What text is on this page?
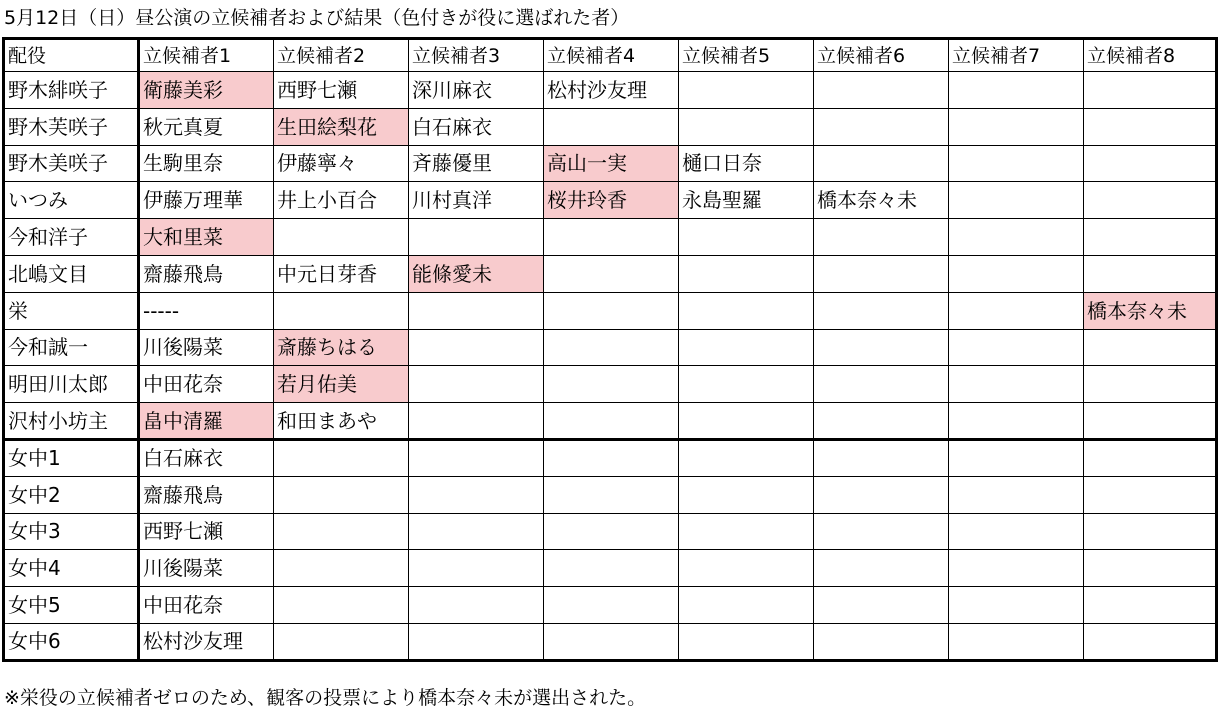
5月12日（日）昼公演の立候補者および結果（色付きが役に選ばれた者）
配役	立候補者1	立候補者2	立候補者3	立候補者4	立候補者5	立候補者6	立候補者7	立候補者8
野木緋咲子	衛藤美彩	西野七瀬	深川麻衣	松村沙友理				
野木芙咲子	秋元真夏	生田絵梨花	白石麻衣					
野木美咲子	生駒里奈	伊藤寧々	斉藤優里	高山一実	樋口日奈			
いつみ	伊藤万理華	井上小百合	川村真洋	桜井玲香	永島聖羅	橋本奈々未		
今和洋子	大和里菜							
北嶋文目	齋藤飛鳥	中元日芽香	能條愛未					
栄	-----							橋本奈々未
今和誠一	川後陽菜	斎藤ちはる						
明田川太郎	中田花奈	若月佑美						
沢村小坊主	畠中清羅	和田まあや						
女中1	白石麻衣							
女中2	齋藤飛鳥							
女中3	西野七瀬							
女中4	川後陽菜							
女中5	中田花奈							
女中6	松村沙友理							
※栄役の立候補者ゼロのため、観客の投票により橋本奈々未が選出された。
